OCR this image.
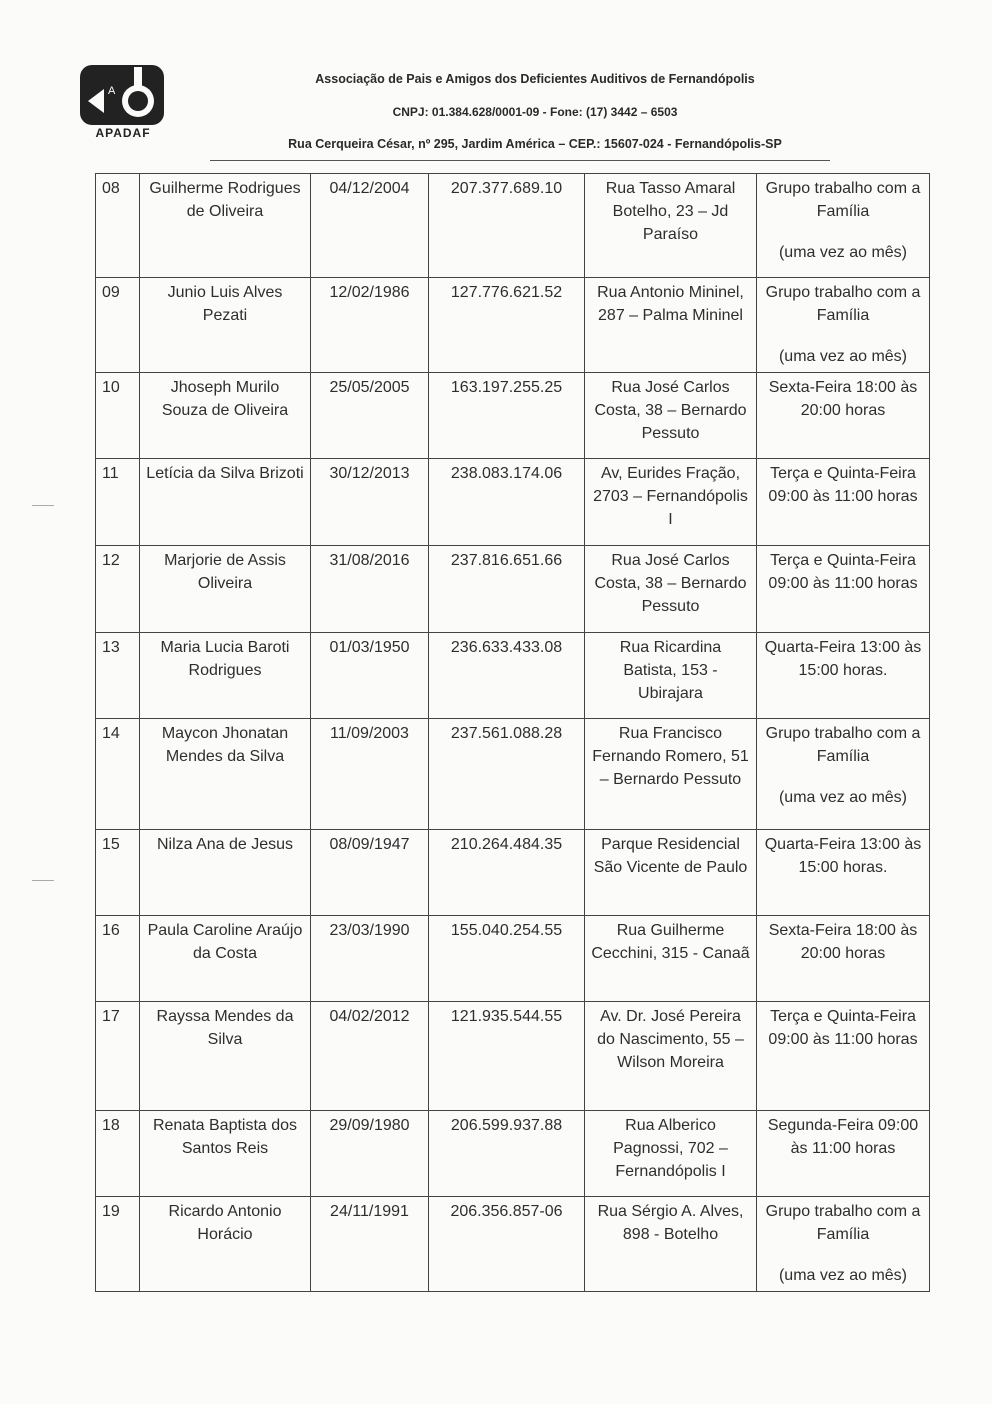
A
APADAF
Associação de Pais e Amigos dos Deficientes Auditivos de Fernandópolis
CNPJ: 01.384.628/0001-09 - Fone: (17) 3442 – 6503
Rua Cerqueira César, nº 295, Jardim América – CEP.: 15607-024 - Fernandópolis-SP
08	Guilherme Rodrigues de Oliveira	04/12/2004	207.377.689.10	Rua Tasso Amaral Botelho, 23 – Jd Paraíso	Grupo trabalho com a Família
(uma vez ao mês)

09	Junio Luis Alves Pezati	12/02/1986	127.776.621.52	Rua Antonio Mininel, 287 – Palma Mininel	Grupo trabalho com a Família
(uma vez ao mês)

10	Jhoseph Murilo Souza de Oliveira	25/05/2005	163.197.255.25	Rua José Carlos Costa, 38 – Bernardo Pessuto	Sexta-Feira 18:00 às 20:00 horas

11	Letícia da Silva Brizoti	30/12/2013	238.083.174.06	Av, Eurides Fração, 2703 – Fernandópolis I	Terça e Quinta-Feira 09:00 às 11:00 horas

12	Marjorie de Assis Oliveira	31/08/2016	237.816.651.66	Rua José Carlos Costa, 38 – Bernardo Pessuto	Terça e Quinta-Feira 09:00 às 11:00 horas

13	Maria Lucia Baroti Rodrigues	01/03/1950	236.633.433.08	Rua Ricardina Batista, 153 - Ubirajara	Quarta-Feira 13:00 às 15:00 horas.

14	Maycon Jhonatan Mendes da Silva	11/09/2003	237.561.088.28	Rua Francisco Fernando Romero, 51 – Bernardo Pessuto	Grupo trabalho com a Família
(uma vez ao mês)

15	Nilza Ana de Jesus	08/09/1947	210.264.484.35	Parque Residencial São Vicente de Paulo	Quarta-Feira 13:00 às 15:00 horas.

16	Paula Caroline Araújo da Costa	23/03/1990	155.040.254.55	Rua Guilherme Cecchini, 315 - Canaã	Sexta-Feira 18:00 às 20:00 horas

17	Rayssa Mendes da Silva	04/02/2012	121.935.544.55	Av. Dr. José Pereira do Nascimento, 55 – Wilson Moreira	Terça e Quinta-Feira 09:00 às 11:00 horas

18	Renata Baptista dos Santos Reis	29/09/1980	206.599.937.88	Rua Alberico Pagnossi, 702 – Fernandópolis I	Segunda-Feira 09:00 às 11:00 horas

19	Ricardo Antonio Horácio	24/11/1991	206.356.857-06	Rua Sérgio A. Alves, 898 - Botelho	Grupo trabalho com a Família
(uma vez ao mês)
